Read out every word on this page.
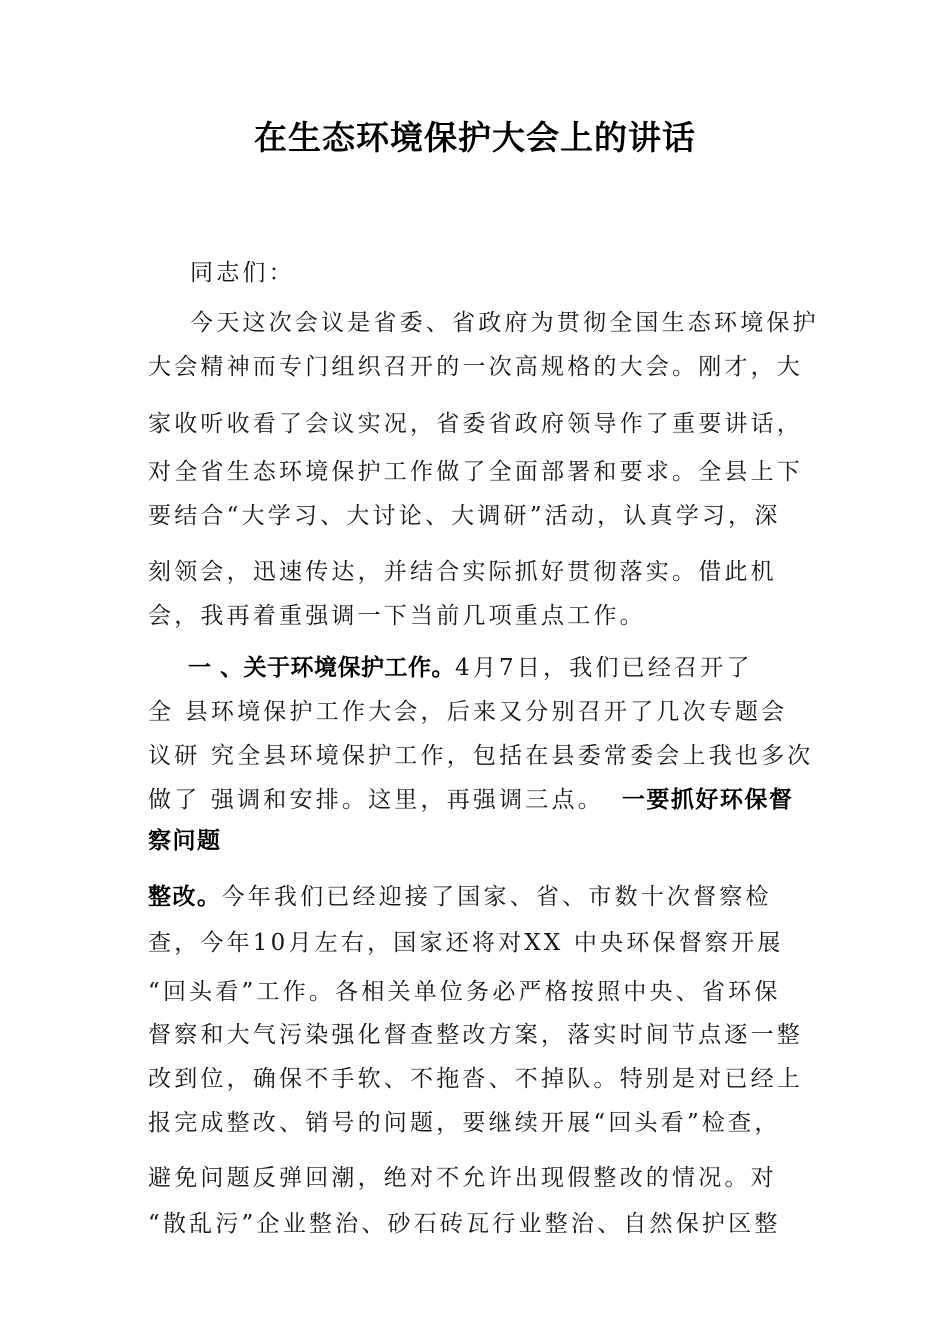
在生态环境保护大会上的讲话
同志们：
今天这次会议是省委、省政府为贯彻全国生态环境保护
大会精神而专门组织召开的一次高规格的大会。刚才，大
家收听收看了会议实况，省委省政府领导作了重要讲话，
对全省生态环境保护工作做了全面部署和要求。全县上下
要结合“大学习、大讨论、大调研”活动，认真学习，深
刻领会，迅速传达，并结合实际抓好贯彻落实。借此机
会，我再着重强调一下当前几项重点工作。
一 、关于环境保护工作。4月7日，我们已经召开了
全 县环境保护工作大会，后来又分别召开了几次专题会
议研 究全县环境保护工作，包括在县委常委会上我也多次
做了 强调和安排。这里，再强调三点。 一要抓好环保督
察问题
整改。今年我们已经迎接了国家、省、市数十次督察检
查，今年10月左右，国家还将对XX 中央环保督察开展
“回头看”工作。各相关单位务必严格按照中央、省环保
督察和大气污染强化督查整改方案，落实时间节点逐一整
改到位，确保不手软、不拖沓、不掉队。特别是对已经上
报完成整改、销号的问题，要继续开展“回头看”检查，
避免问题反弹回潮，绝对不允许出现假整改的情况。对
“散乱污”企业整治、砂石砖瓦行业整治、自然保护区整
